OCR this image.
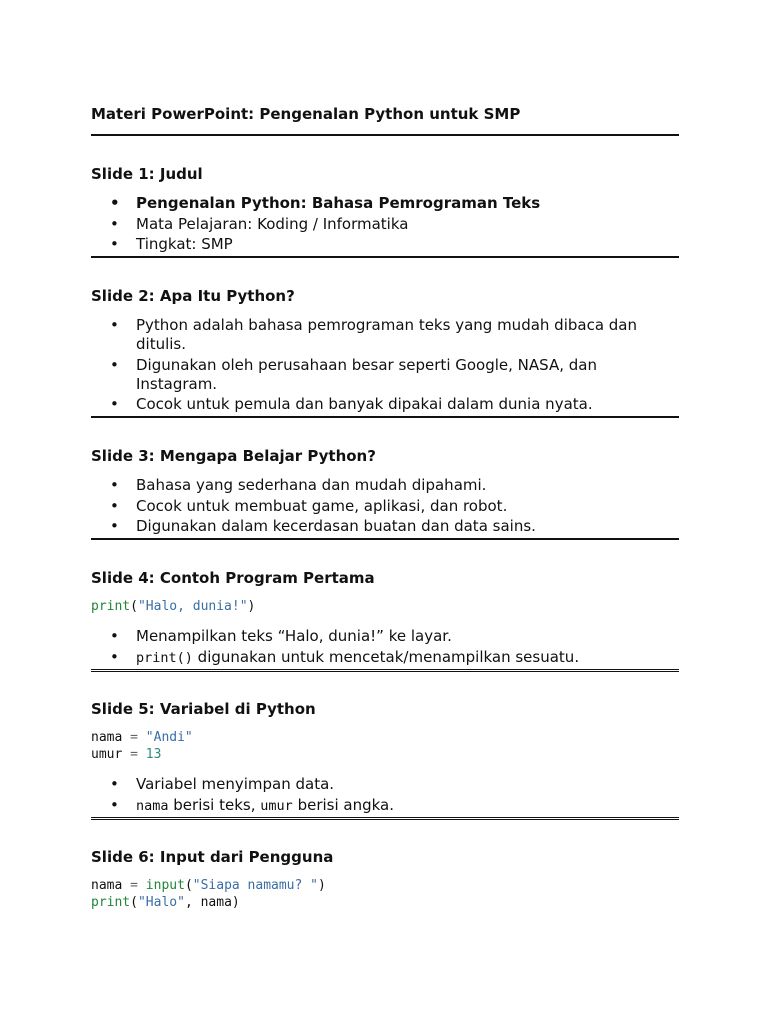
Materi PowerPoint: Pengenalan Python untuk SMP
Slide 1: Judul
• Pengenalan Python: Bahasa Pemrograman Teks
• Mata Pelajaran: Koding / Informatika
• Tingkat: SMP
Slide 2: Apa Itu Python?
• Python adalah bahasa pemrograman teks yang mudah dibaca dan ditulis.
• Digunakan oleh perusahaan besar seperti Google, NASA, dan Instagram.
• Cocok untuk pemula dan banyak dipakai dalam dunia nyata.
Slide 3: Mengapa Belajar Python?
• Bahasa yang sederhana dan mudah dipahami.
• Cocok untuk membuat game, aplikasi, dan robot.
• Digunakan dalam kecerdasan buatan dan data sains.
Slide 4: Contoh Program Pertama
print("Halo, dunia!")
• Menampilkan teks “Halo, dunia!” ke layar.
• print() digunakan untuk mencetak/menampilkan sesuatu.
Slide 5: Variabel di Python
nama = "Andi"
umur = 13
• Variabel menyimpan data.
• nama berisi teks, umur berisi angka.
Slide 6: Input dari Pengguna
nama = input("Siapa namamu? ")
print("Halo", nama)
